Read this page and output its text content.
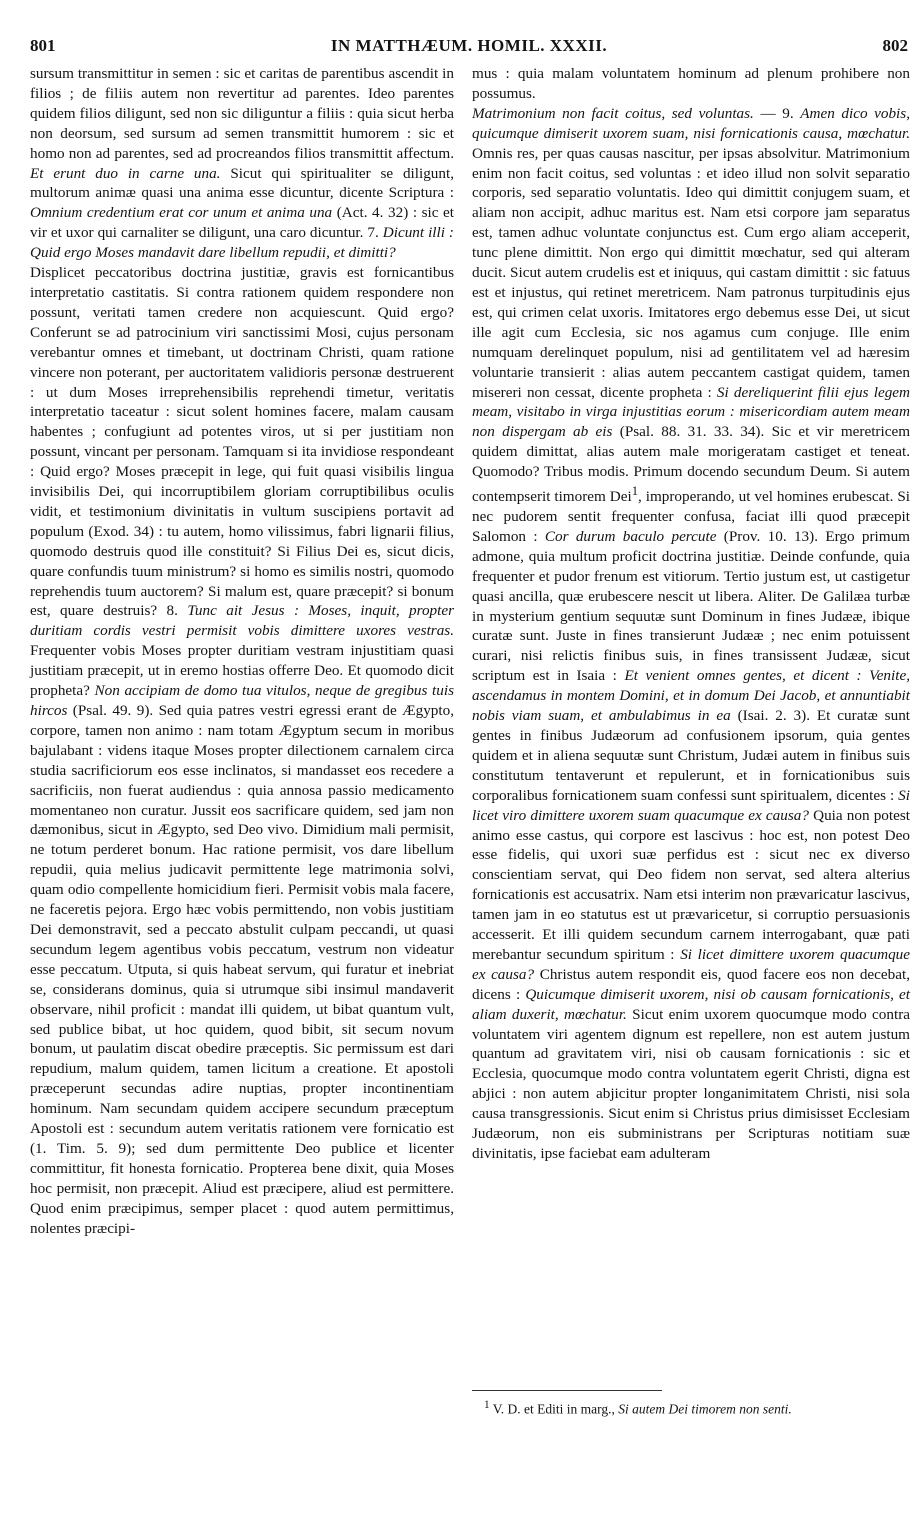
801	IN MATTHÆUM. HOMIL. XXXII.	802

sursum transmittitur in semen : sic et caritas de parentibus ascendit in filios ; de filiis autem non revertitur ad parentes. Ideo parentes quidem filios diligunt, sed non sic diliguntur a filiis : quia sicut herba non deorsum, sed sursum ad semen transmittit humorem : sic et homo non ad parentes, sed ad procreandos filios transmittit affectum. Et erunt duo in carne una. Sicut qui spiritualiter se diligunt, multorum animæ quasi una anima esse dicuntur, dicente Scriptura : Omnium credentium erat cor unum et anima una (Act. 4. 32) : sic et vir et uxor qui carnaliter se diligunt, una caro dicuntur. 7. Dicunt illi : Quid ergo Moses mandavit dare libellum repudii, et dimitti?

Displicet peccatoribus doctrina justitiæ, gravis est fornicantibus interpretatio castitatis. Si contra rationem quidem respondere non possunt, veritati tamen credere non acquiescunt. Quid ergo? Conferunt se ad patrocinium viri sanctissimi Mosi, cujus personam verebantur omnes et timebant, ut doctrinam Christi, quam ratione vincere non poterant, per auctoritatem validioris personæ destruerent : ut dum Moses irreprehensibilis reprehendi timetur, veritatis interpretatio taceatur : sicut solent homines facere, malam causam habentes ; confugiunt ad potentes viros, ut si per justitiam non possunt, vincant per personam. Tamquam si ita invidiose respondeant : Quid ergo? Moses præcepit in lege, qui fuit quasi visibilis lingua invisibilis Dei, qui incorruptibilem gloriam corruptibilibus oculis vidit, et testimonium divinitatis in vultum suscipiens portavit ad populum (Exod. 34) : tu autem, homo vilissimus, fabri lignarii filius, quomodo destruis quod ille constituit? Si Filius Dei es, sicut dicis, quare confundis tuum ministrum? si homo es similis nostri, quomodo reprehendis tuum auctorem? Si malum est, quare præcepit? si bonum est, quare destruis? 8. Tunc ait Jesus : Moses, inquit, propter duritiam cordis vestri permisit vobis dimittere uxores vestras. Frequenter vobis Moses propter duritiam vestram injustitiam quasi justitiam præcepit, ut in eremo hostias offerre Deo. Et quomodo dicit propheta? Non accipiam de domo tua vitulos, neque de gregibus tuis hircos (Psal. 49. 9). Sed quia patres vestri egressi erant de Ægypto, corpore, tamen non animo : nam totam Ægyptum secum in moribus bajulabant : videns itaque Moses propter dilectionem carnalem circa studia sacrificiorum eos esse inclinatos, si mandasset eos recedere a sacrificiis, non fuerat audiendus : quia annosa passio medicamento momentaneo non curatur. Jussit eos sacrificare quidem, sed jam non dæmonibus, sicut in Ægypto, sed Deo vivo. Dimidium mali permisit, ne totum perderet bonum. Hac ratione permisit, vos dare libellum repudii, quia melius judicavit permittente lege matrimonia solvi, quam odio compellente homicidium fieri. Permisit vobis mala facere, ne faceretis pejora. Ergo hæc vobis permittendo, non vobis justitiam Dei demonstravit, sed a peccato abstulit culpam peccandi, ut quasi secundum legem agentibus vobis peccatum, vestrum non videatur esse peccatum. Utputa, si quis habeat servum, qui furatur et inebriat se, considerans dominus, quia si utrumque sibi insimul mandaverit observare, nihil proficit : mandat illi quidem, ut bibat quantum vult, sed publice bibat, ut hoc quidem, quod bibit, sit secum novum bonum, ut paulatim discat obedire præceptis. Sic permissum est dari repudium, malum quidem, tamen licitum a creatione. Et apostoli præceperunt secundas adire nuptias, propter incontinentiam hominum. Nam secundam quidem accipere secundum præceptum Apostoli est : secundum autem veritatis rationem vere fornicatio est (1. Tim. 5. 9); sed dum permittente Deo publice et licenter committitur, fit honesta fornicatio. Propterea bene dixit, quia Moses hoc permisit, non præcepit. Aliud est præcipere, aliud est permittere. Quod enim præcipimus, semper placet : quod autem permittimus, nolentes præcipi-

mus : quia malam voluntatem hominum ad plenum prohibere non possumus.

Matrimonium non facit coitus, sed voluntas. — 9. Amen dico vobis, quicumque dimiserit uxorem suam, nisi fornicationis causa, mœchatur. Omnis res, per quas causas nascitur, per ipsas absolvitur. Matrimonium enim non facit coitus, sed voluntas : et ideo illud non solvit separatio corporis, sed separatio voluntatis. Ideo qui dimittit conjugem suam, et aliam non accipit, adhuc maritus est. Nam etsi corpore jam separatus est, tamen adhuc voluntate conjunctus est. Cum ergo aliam acceperit, tunc plene dimittit. Non ergo qui dimittit mœchatur, sed qui alteram ducit. Sicut autem crudelis est et iniquus, qui castam dimittit : sic fatuus est et injustus, qui retinet meretricem. Nam patronus turpitudinis ejus est, qui crimen celat uxoris. Imitatores ergo debemus esse Dei, ut sicut ille agit cum Ecclesia, sic nos agamus cum conjuge. Ille enim numquam derelinquet populum, nisi ad gentilitatem vel ad hæresim voluntarie transierit : alias autem peccantem castigat quidem, tamen misereri non cessat, dicente propheta : Si dereliquerint filii ejus legem meam, visitabo in virga injustitias eorum : misericordiam autem meam non dispergam ab eis (Psal. 88. 31. 33. 34). Sic et vir meretricem quidem dimittat, alias autem male morigeratam castiget et teneat. Quomodo? Tribus modis. Primum docendo secundum Deum. Si autem contempserit timorem Dei$^1$, improperando, ut vel homines erubescat. Si nec pudorem sentit frequenter confusa, faciat illi quod præcepit Salomon : Cor durum baculo percute (Prov. 10. 13). Ergo primum admone, quia multum proficit doctrina justitiæ. Deinde confunde, quia frequenter et pudor frenum est vitiorum. Tertio justum est, ut castigetur quasi ancilla, quæ erubescere nescit ut libera. Aliter. De Galilæa turbæ in mysterium gentium sequutæ sunt Dominum in fines Judææ, ibique curatæ sunt. Juste in fines transierunt Judææ ; nec enim potuissent curari, nisi relictis finibus suis, in fines transissent Judææ, sicut scriptum est in Isaia : Et venient omnes gentes, et dicent : Venite, ascendamus in montem Domini, et in domum Dei Jacob, et annuntiabit nobis viam suam, et ambulabimus in ea (Isai. 2. 3). Et curatæ sunt gentes in finibus Judæorum ad confusionem ipsorum, quia gentes quidem et in aliena sequutæ sunt Christum, Judæi autem in finibus suis constitutum tentaverunt et repulerunt, et in fornicationibus suis corporalibus fornicationem suam confessi sunt spiritualem, dicentes : Si licet viro dimittere uxorem suam quacumque ex causa? Quia non potest animo esse castus, qui corpore est lascivus : hoc est, non potest Deo esse fidelis, qui uxori suæ perfidus est : sicut nec ex diverso conscientiam servat, qui Deo fidem non servat, sed altera alterius fornicationis est accusatrix. Nam etsi interim non prævaricatur lascivus, tamen jam in eo statutus est ut prævaricetur, si corruptio persuasionis accesserit. Et illi quidem secundum carnem interrogabant, quæ pati merebantur secundum spiritum : Si licet dimittere uxorem quacumque ex causa? Christus autem respondit eis, quod facere eos non decebat, dicens : Quicumque dimiserit uxorem, nisi ob causam fornicationis, et aliam duxerit, mœchatur. Sicut enim uxorem quocumque modo contra voluntatem viri agentem dignum est repellere, non est autem justum quantum ad gravitatem viri, nisi ob causam fornicationis : sic et Ecclesia, quocumque modo contra voluntatem egerit Christi, digna est abjici : non autem abjicitur propter longanimitatem Christi, nisi sola causa transgressionis. Sicut enim si Christus prius dimisisset Ecclesiam Judæorum, non eis subministrans per Scripturas notitiam suæ divinitatis, ipse faciebat eam adulteram

$^1$ V. D. et Editi in marg., Si autem Dei timorem non senti.
